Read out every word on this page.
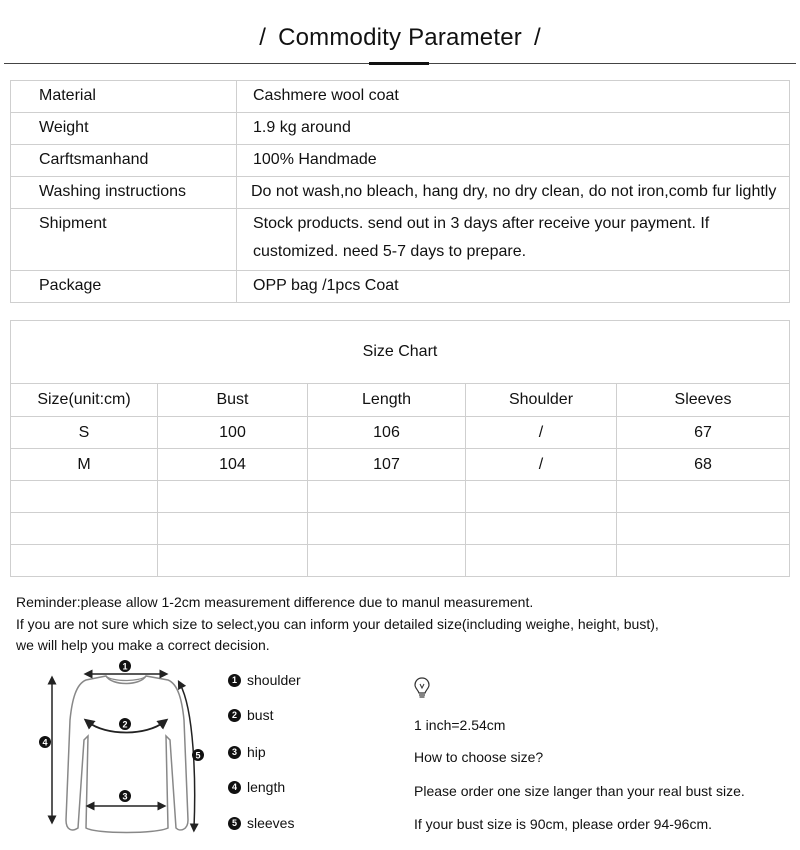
/ Commodity Parameter /
Material	Cashmere wool coat

Weight	1.9 kg around

Carftsmanhand	100% Handmade

Washing instructions	Do not wash,no bleach, hang dry, no dry clean, do not iron,comb fur lightly

Shipment	Stock products. send out in 3 days after receive your payment. If
customized. need 5-7 days to prepare.

Package	OPP bag /1pcs Coat
Size Chart				
Size(unit:cm)	Bust	Length	Shoulder	Sleeves
S	100	106	/	67
M	104	107	/	68

Reminder:please allow 1-2cm measurement difference due to manul measurement.
If you are not sure which size to select,you can inform your detailed size(including weighe, height, bust),
we will help you make a correct decision.
1
2
3
4
5
1 shoulder
2 bust
3 hip
4 length
5 sleeves
1 inch=2.54cm
How to choose size?
Please order one size langer than your real bust size.
If your bust size is 90cm, please order 94-96cm.
